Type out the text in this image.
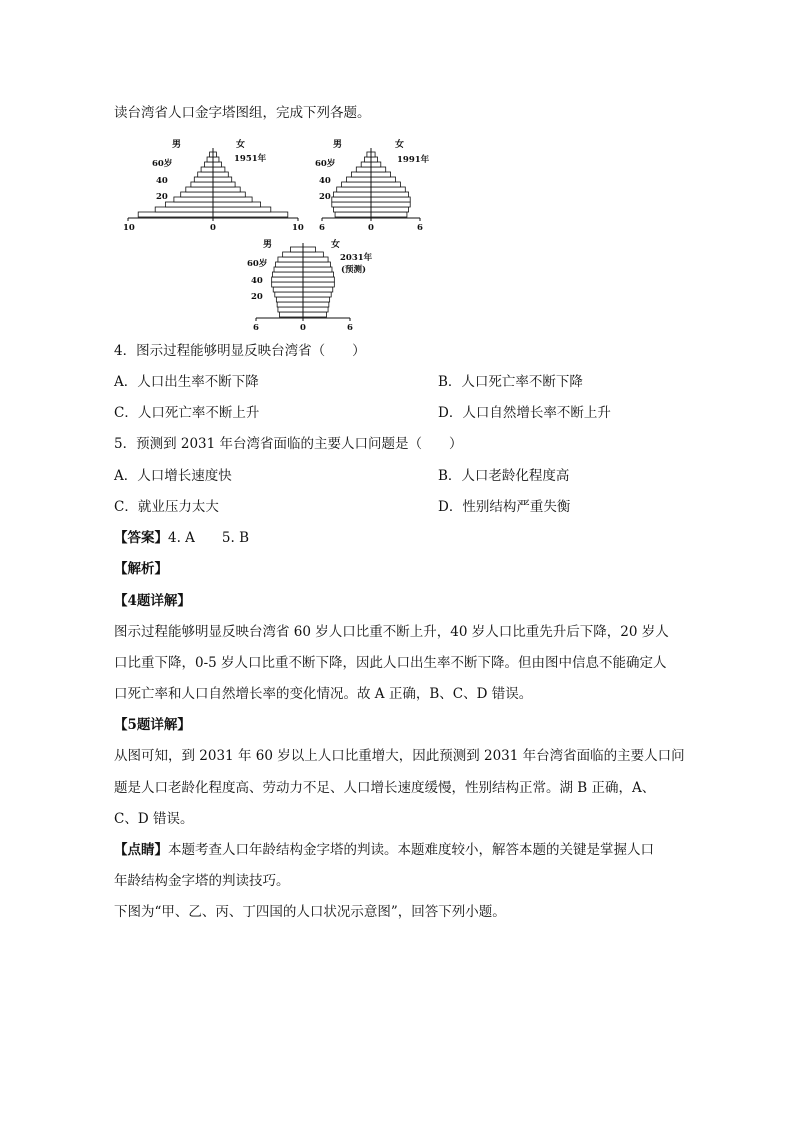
读台湾省人口金字塔图组，完成下列各题。
男	女
1951年
60岁
40
20
10	0	10
男	女
1991年
60岁
40
20
6	0	6
男	女
2031年
(预测)
60岁
40
20
6	0	6
4．图示过程能够明显反映台湾省（　　）
A．人口出生率不断下降	B．人口死亡率不断下降
C．人口死亡率不断上升	D．人口自然增长率不断上升
5．预测到 2031 年台湾省面临的主要人口问题是（　　）
A．人口增长速度快	B．人口老龄化程度高
C．就业压力太大	D．性别结构严重失衡
【答案】4. A　　5. B
【解析】
【4题详解】
图示过程能够明显反映台湾省 60 岁人口比重不断上升，40 岁人口比重先升后下降，20 岁人
口比重下降，0-5 岁人口比重不断下降，因此人口出生率不断下降。但由图中信息不能确定人
口死亡率和人口自然增长率的变化情况。故 A 正确，B、C、D 错误。
【5题详解】
从图可知，到 2031 年 60 岁以上人口比重增大，因此预测到 2031 年台湾省面临的主要人口问
题是人口老龄化程度高、劳动力不足、人口增长速度缓慢，性别结构正常。湖 B 正确，A、
C、D 错误。
【点睛】本题考查人口年龄结构金字塔的判读。本题难度较小，解答本题的关键是掌握人口
年龄结构金字塔的判读技巧。
下图为“甲、乙、丙、丁四国的人口状况示意图”，回答下列小题。
